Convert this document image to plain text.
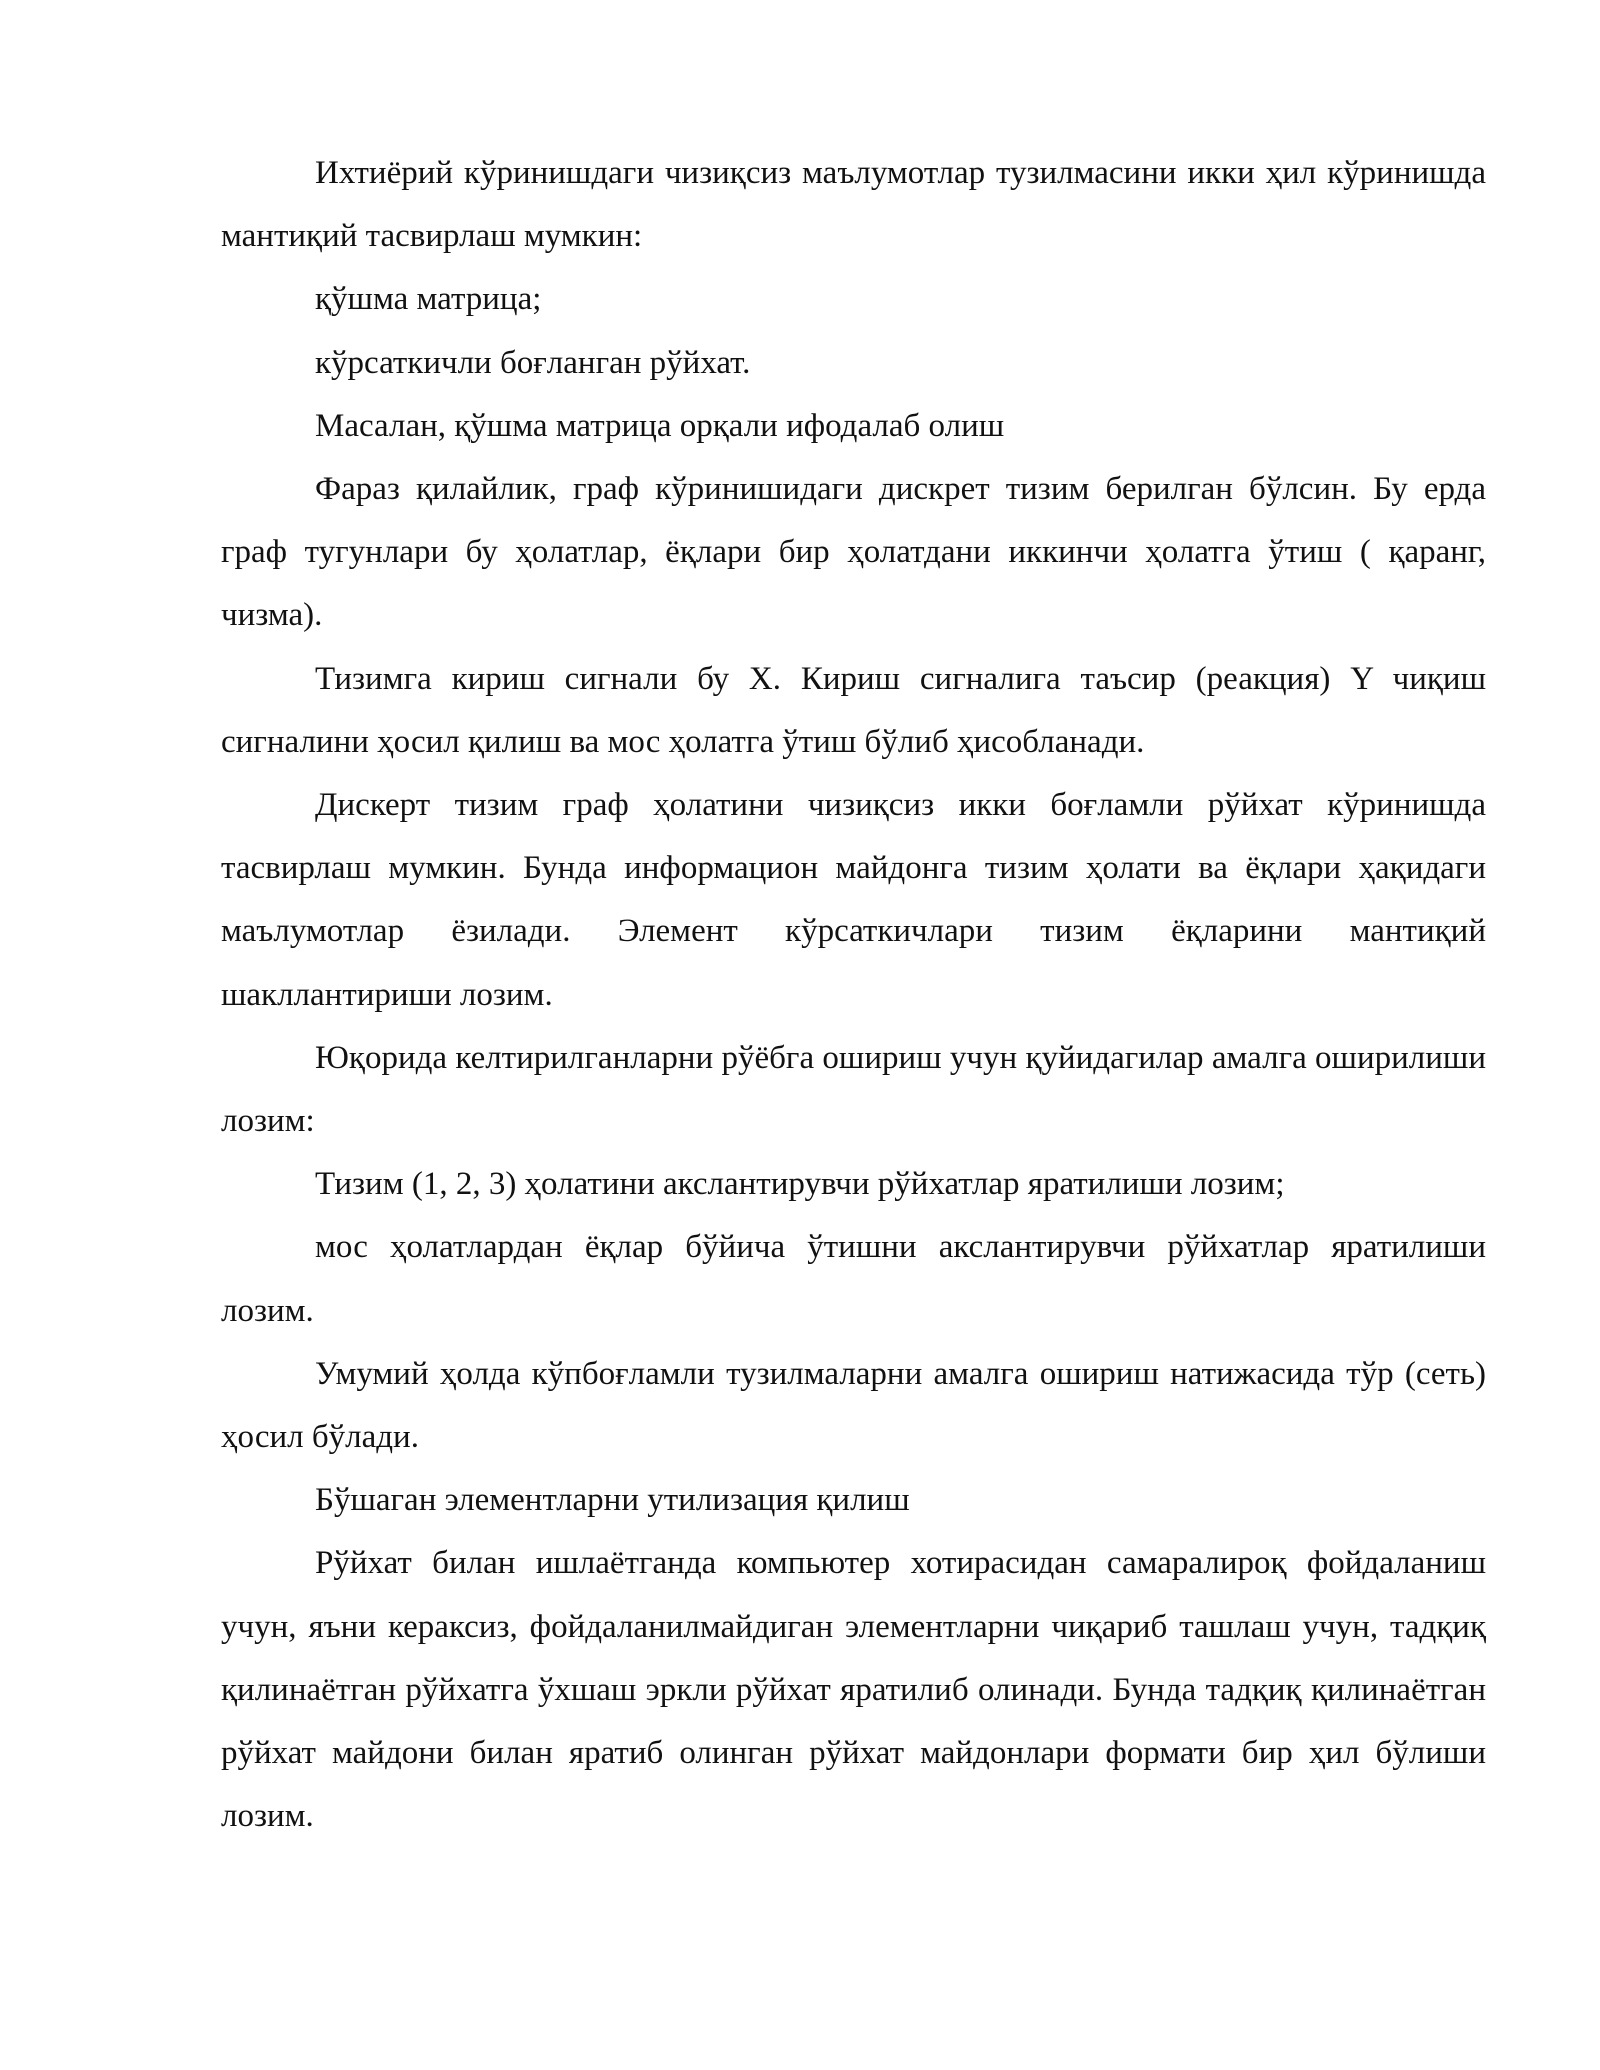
Ихтиёрий кўринишдаги чизиқсиз маълумотлар тузилмасини икки ҳил кўринишда мантиқий тасвирлаш мумкин:

қўшма матрица;

кўрсаткичли боғланган рўйхат.

Масалан, қўшма матрица орқали ифодалаб олиш

Фараз қилайлик, граф кўринишидаги дискрет тизим берилган бўлсин. Бу ерда граф тугунлари бу ҳолатлар, ёқлари бир ҳолатдани иккинчи ҳолатга ўтиш ( қаранг, чизма).

Тизимга кириш сигнали бу X. Кириш сигналига таъсир (реакция) Y чиқиш сигналини ҳосил қилиш ва мос ҳолатга ўтиш бўлиб ҳисобланади.

Дискерт тизим граф ҳолатини чизиқсиз икки боғламли рўйхат кўринишда тасвирлаш мумкин. Бунда информацион майдонга тизим ҳолати ва ёқлари ҳақидаги маълумотлар ёзилади. Элемент кўрсаткичлари тизим ёқларини мантиқий шакллантириши лозим.

Юқорида келтирилганларни рўёбга ошириш учун қуйидагилар амалга оширилиши лозим:

Тизим (1, 2, 3) ҳолатини акслантирувчи рўйхатлар яратилиши лозим;

мос ҳолатлардан ёқлар бўйича ўтишни акслантирувчи рўйхатлар яратилиши лозим.

Умумий ҳолда кўпбоғламли тузилмаларни амалга ошириш натижасида тўр (сеть) ҳосил бўлади.

Бўшаган элементларни утилизация қилиш

Рўйхат билан ишлаётганда компьютер хотирасидан самаралироқ фойдаланиш учун, яъни кераксиз, фойдаланилмайдиган элементларни чиқариб ташлаш учун, тадқиқ қилинаётган рўйхатга ўхшаш эркли рўйхат яратилиб олинади. Бунда тадқиқ қилинаётган рўйхат майдони билан яратиб олинган рўйхат майдонлари формати бир ҳил бўлиши лозим.
